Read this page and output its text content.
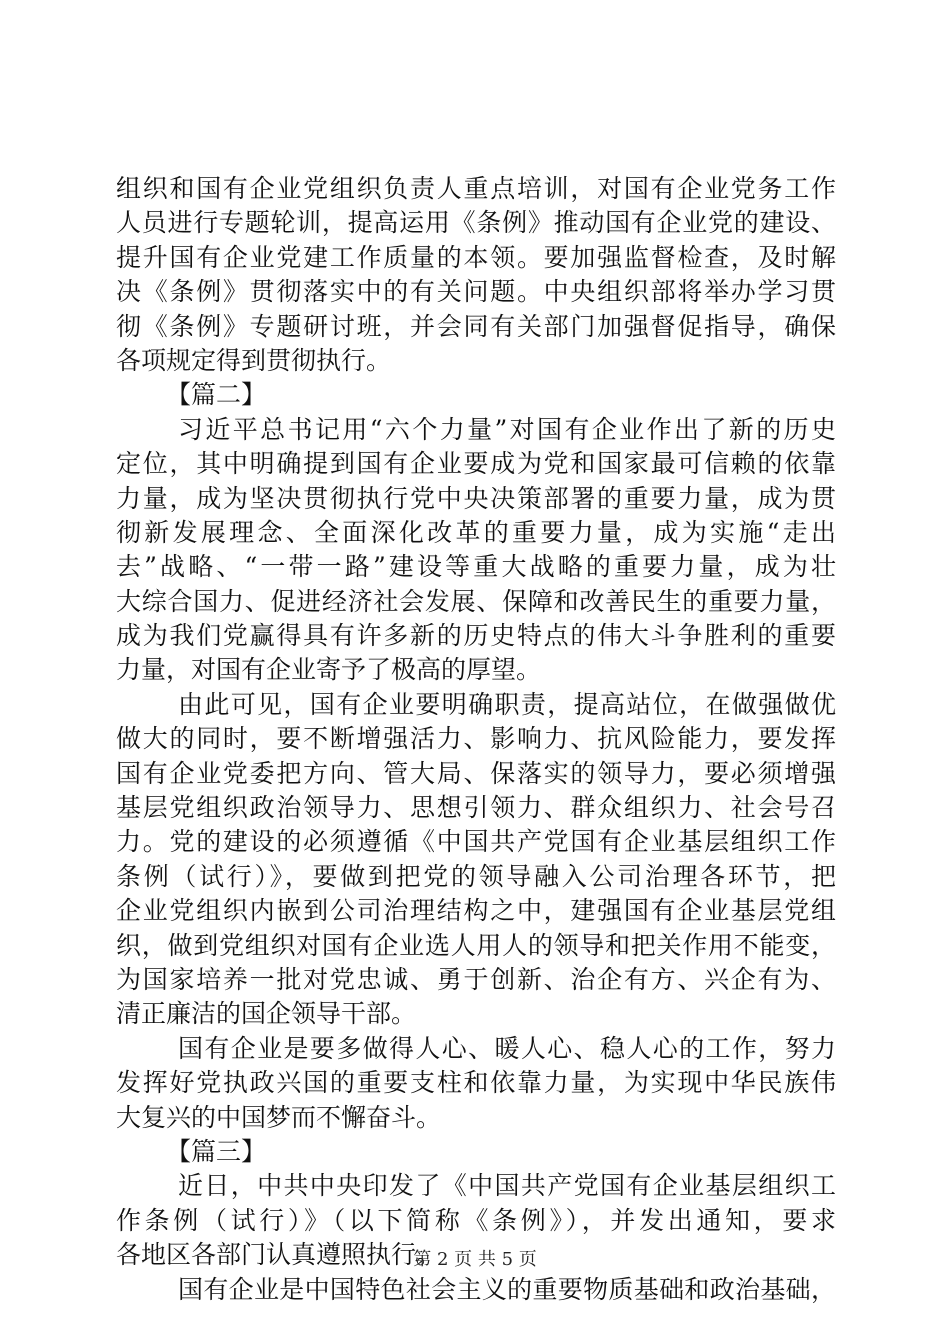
组织和国有企业党组织负责人重点培训，对国有企业党务工作
人员进行专题轮训，提高运用《条例》推动国有企业党的建设、
提升国有企业党建工作质量的本领。要加强监督检查，及时解
决《条例》贯彻落实中的有关问题。中央组织部将举办学习贯
彻《条例》专题研讨班，并会同有关部门加强督促指导，确保
各项规定得到贯彻执行。
【篇二】
习近平总书记用“六个力量”对国有企业作出了新的历史
定位，其中明确提到国有企业要成为党和国家最可信赖的依靠
力量，成为坚决贯彻执行党中央决策部署的重要力量，成为贯
彻新发展理念、全面深化改革的重要力量，成为实施“走出
去”战略、“一带一路”建设等重大战略的重要力量，成为壮
大综合国力、促进经济社会发展、保障和改善民生的重要力量，
成为我们党赢得具有许多新的历史特点的伟大斗争胜利的重要
力量，对国有企业寄予了极高的厚望。
由此可见，国有企业要明确职责，提高站位，在做强做优
做大的同时，要不断增强活力、影响力、抗风险能力，要发挥
国有企业党委把方向、管大局、保落实的领导力，要必须增强
基层党组织政治领导力、思想引领力、群众组织力、社会号召
力。党的建设的必须遵循《中国共产党国有企业基层组织工作
条例（试行）》，要做到把党的领导融入公司治理各环节，把
企业党组织内嵌到公司治理结构之中，建强国有企业基层党组
织，做到党组织对国有企业选人用人的领导和把关作用不能变，
为国家培养一批对党忠诚、勇于创新、治企有方、兴企有为、
清正廉洁的国企领导干部。
国有企业是要多做得人心、暖人心、稳人心的工作，努力
发挥好党执政兴国的重要支柱和依靠力量，为实现中华民族伟
大复兴的中国梦而不懈奋斗。
【篇三】
近日，中共中央印发了《中国共产党国有企业基层组织工
作条例（试行）》（以下简称《条例》），并发出通知，要求
各地区各部门认真遵照执行。
国有企业是中国特色社会主义的重要物质基础和政治基础，
第 2 页 共 5 页
